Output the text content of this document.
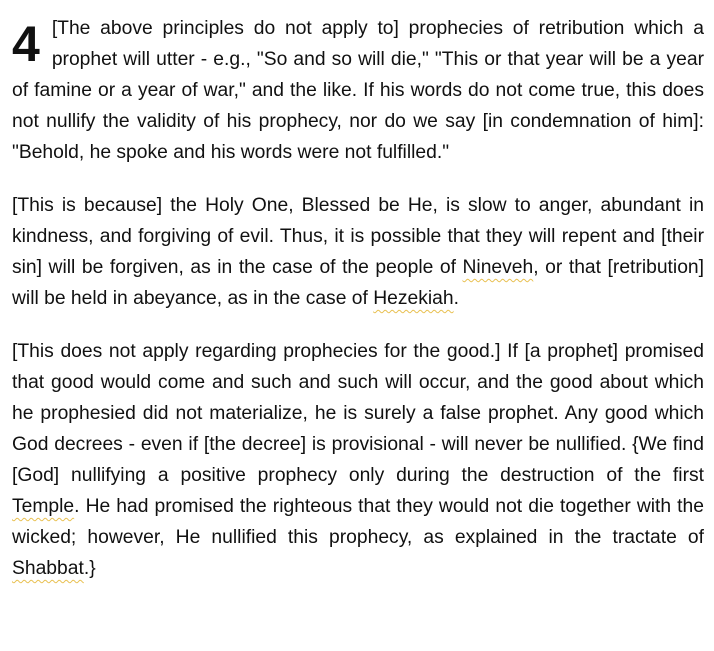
4 [The above principles do not apply to] prophecies of retribution which a prophet will utter - e.g., "So and so will die," "This or that year will be a year of famine or a year of war," and the like. If his words do not come true, this does not nullify the validity of his prophecy, nor do we say [in condemnation of him]: "Behold, he spoke and his words were not fulfilled."

[This is because] the Holy One, Blessed be He, is slow to anger, abundant in kindness, and forgiving of evil. Thus, it is possible that they will repent and [their sin] will be forgiven, as in the case of the people of Nineveh, or that [retribution] will be held in abeyance, as in the case of Hezekiah.

[This does not apply regarding prophecies for the good.] If [a prophet] promised that good would come and such and such will occur, and the good about which he prophesied did not materialize, he is surely a false prophet. Any good which God decrees - even if [the decree] is provisional - will never be nullified. {We find [God] nullifying a positive prophecy only during the destruction of the first Temple. He had promised the righteous that they would not die together with the wicked; however, He nullified this prophecy, as explained in the tractate of Shabbat.}
